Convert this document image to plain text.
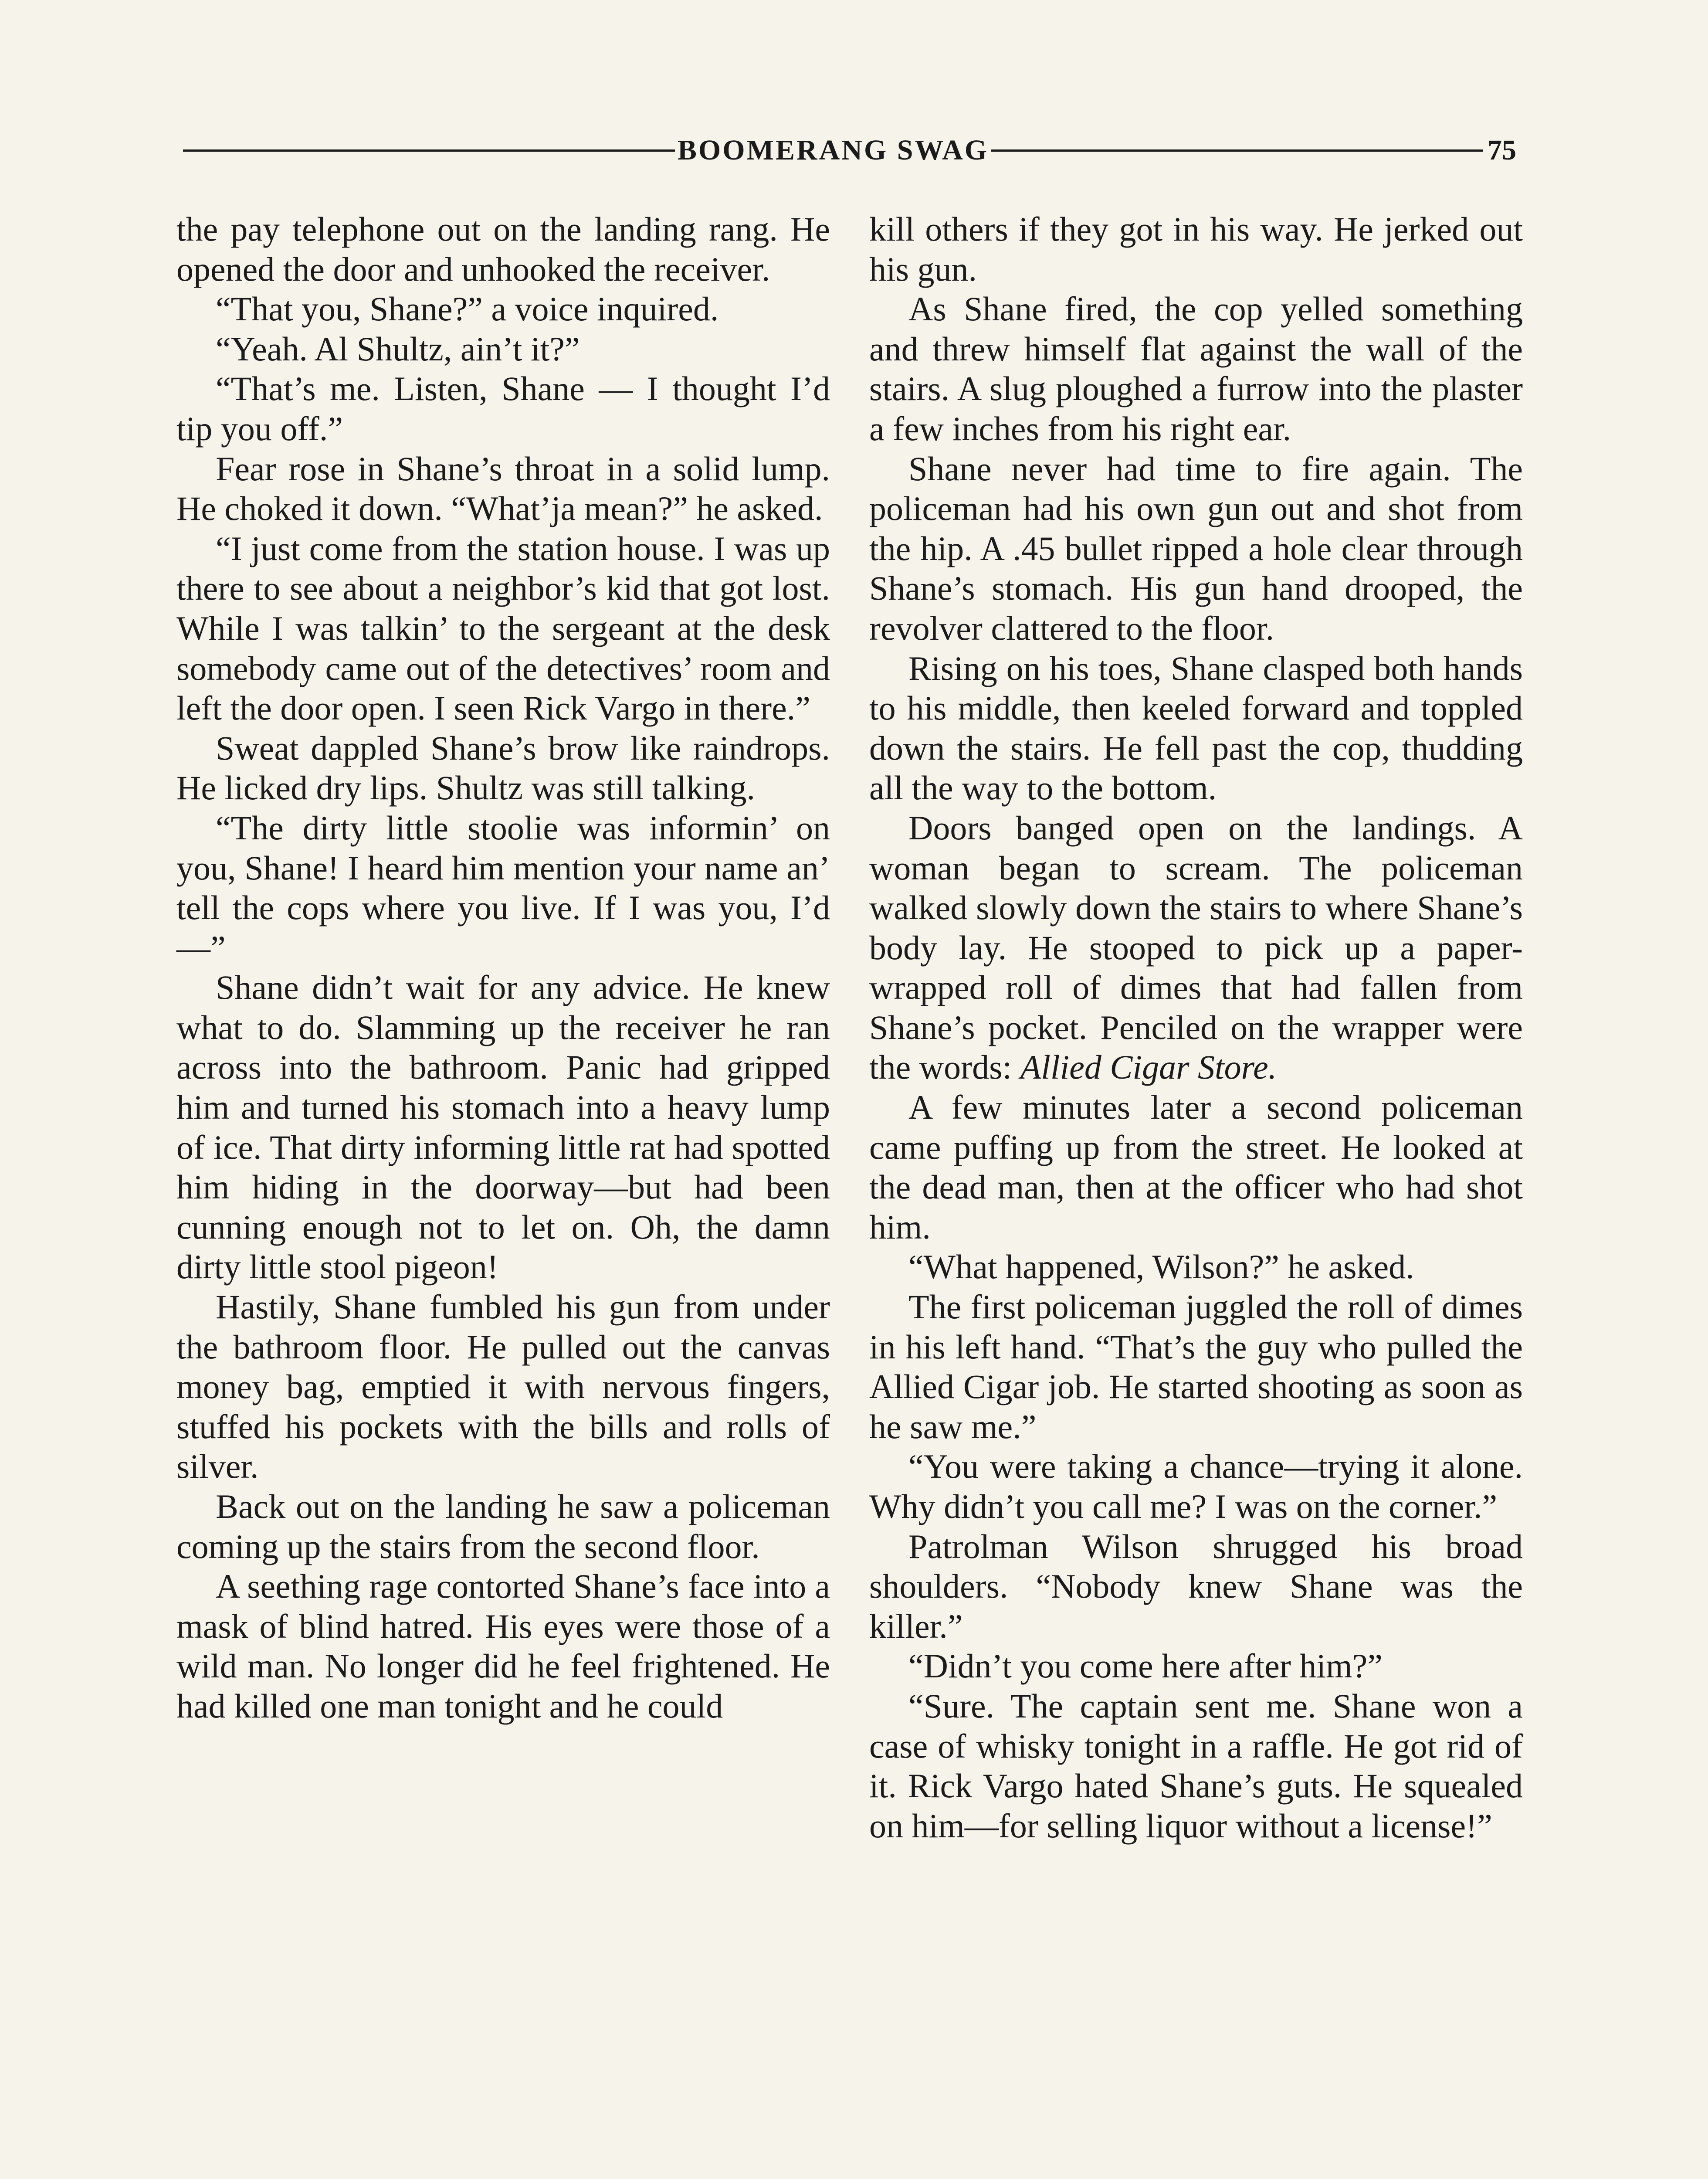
BOOMERANG SWAG	75

the pay telephone out on the landing rang. He opened the door and unhooked the receiver.

“That you, Shane?” a voice inquired.

“Yeah. Al Shultz, ain’t it?”

“That’s me. Listen, Shane — I thought I’d tip you off.”

Fear rose in Shane’s throat in a solid lump. He choked it down. “What’ja mean?” he asked.

“I just come from the station house. I was up there to see about a neighbor’s kid that got lost. While I was talkin’ to the sergeant at the desk somebody came out of the detectives’ room and left the door open. I seen Rick Vargo in there.”

Sweat dappled Shane’s brow like raindrops. He licked dry lips. Shultz was still talking.

“The dirty little stoolie was informin’ on you, Shane! I heard him mention your name an’ tell the cops where you live. If I was you, I’d—”

Shane didn’t wait for any advice. He knew what to do. Slamming up the receiver he ran across into the bathroom. Panic had gripped him and turned his stomach into a heavy lump of ice. That dirty informing little rat had spotted him hiding in the doorway—but had been cunning enough not to let on. Oh, the damn dirty little stool pigeon!

Hastily, Shane fumbled his gun from under the bathroom floor. He pulled out the canvas money bag, emptied it with nervous fingers, stuffed his pockets with the bills and rolls of silver.

Back out on the landing he saw a policeman coming up the stairs from the second floor.

A seething rage contorted Shane’s face into a mask of blind hatred. His eyes were those of a wild man. No longer did he feel frightened. He had killed one man tonight and he could

kill others if they got in his way. He jerked out his gun.

As Shane fired, the cop yelled something and threw himself flat against the wall of the stairs. A slug ploughed a furrow into the plaster a few inches from his right ear.

Shane never had time to fire again. The policeman had his own gun out and shot from the hip. A .45 bullet ripped a hole clear through Shane’s stomach. His gun hand drooped, the revolver clattered to the floor.

Rising on his toes, Shane clasped both hands to his middle, then keeled forward and toppled down the stairs. He fell past the cop, thudding all the way to the bottom.

Doors banged open on the landings. A woman began to scream. The policeman walked slowly down the stairs to where Shane’s body lay. He stooped to pick up a paper-wrapped roll of dimes that had fallen from Shane’s pocket. Penciled on the wrapper were the words: Allied Cigar Store.

A few minutes later a second policeman came puffing up from the street. He looked at the dead man, then at the officer who had shot him.

“What happened, Wilson?” he asked.

The first policeman juggled the roll of dimes in his left hand. “That’s the guy who pulled the Allied Cigar job. He started shooting as soon as he saw me.”

“You were taking a chance—trying it alone. Why didn’t you call me? I was on the corner.”

Patrolman Wilson shrugged his broad shoulders. “Nobody knew Shane was the killer.”

“Didn’t you come here after him?”

“Sure. The captain sent me. Shane won a case of whisky tonight in a raffle. He got rid of it. Rick Vargo hated Shane’s guts. He squealed on him—for selling liquor without a license!”
